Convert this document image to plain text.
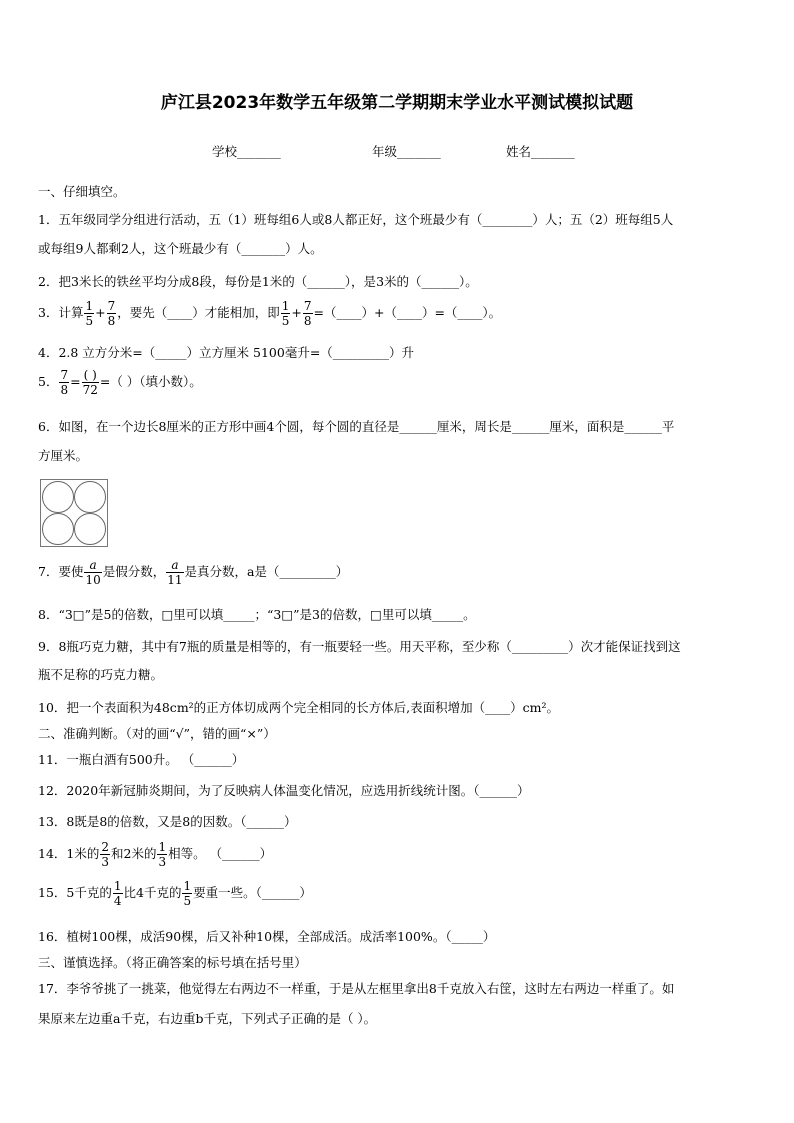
庐江县2023年数学五年级第二学期期末学业水平测试模拟试题
学校_______	年级_______	姓名_______
一、仔细填空。
1．五年级同学分组进行活动，五（1）班每组6人或8人都正好，这个班最少有（________）人；五（2）班每组5人
或每组9人都剩2人，这个班最少有（_______）人。
2．把3米长的铁丝平均分成8段，每份是1米的（______），是3米的（______）。
3．计算 $\frac{1}{5} + \frac{7}{8}$ ，要先（____）才能相加，即 $\frac{1}{5} + \frac{7}{8}$ =（____）+（____）=（____）。
4．2.8 立方分米=（_____）立方厘米 5100毫升=（_________）升
5． $\frac{7}{8} = \frac{( )}{72}$ =（ ）（填小数）。
6．如图，在一个边长8厘米的正方形中画4个圆，每个圆的直径是______厘米，周长是______厘米，面积是______平
方厘米。
7．要使 $\frac{a}{10}$ 是假分数， $\frac{a}{11}$ 是真分数，a是（_________）
8．“3□”是5的倍数，□里可以填_____；“3□”是3的倍数，□里可以填_____。
9．8瓶巧克力糖，其中有7瓶的质量是相等的，有一瓶要轻一些。用天平称，至少称（_________）次才能保证找到这
瓶不足称的巧克力糖。
10．把一个表面积为48cm²的正方体切成两个完全相同的长方体后,表面积增加（____）cm²。
二、准确判断。（对的画“√”，错的画“×”）
11．一瓶白酒有500升。 （______）
12．2020年新冠肺炎期间，为了反映病人体温变化情况，应选用折线统计图。（______）
13．8既是8的倍数，又是8的因数。（______）
14．1米的 $\frac{2}{3}$ 和2米的 $\frac{1}{3}$ 相等。 （______）
15．5千克的 $\frac{1}{4}$ 比4千克的 $\frac{1}{5}$ 要重一些。（______）
16．植树100棵，成活90棵，后又补种10棵，全部成活。成活率100%。（_____）
三、谨慎选择。（将正确答案的标号填在括号里）
17．李爷爷挑了一挑菜，他觉得左右两边不一样重，于是从左框里拿出8千克放入右筐，这时左右两边一样重了。如
果原来左边重a千克，右边重b千克，下列式子正确的是（ ）。
